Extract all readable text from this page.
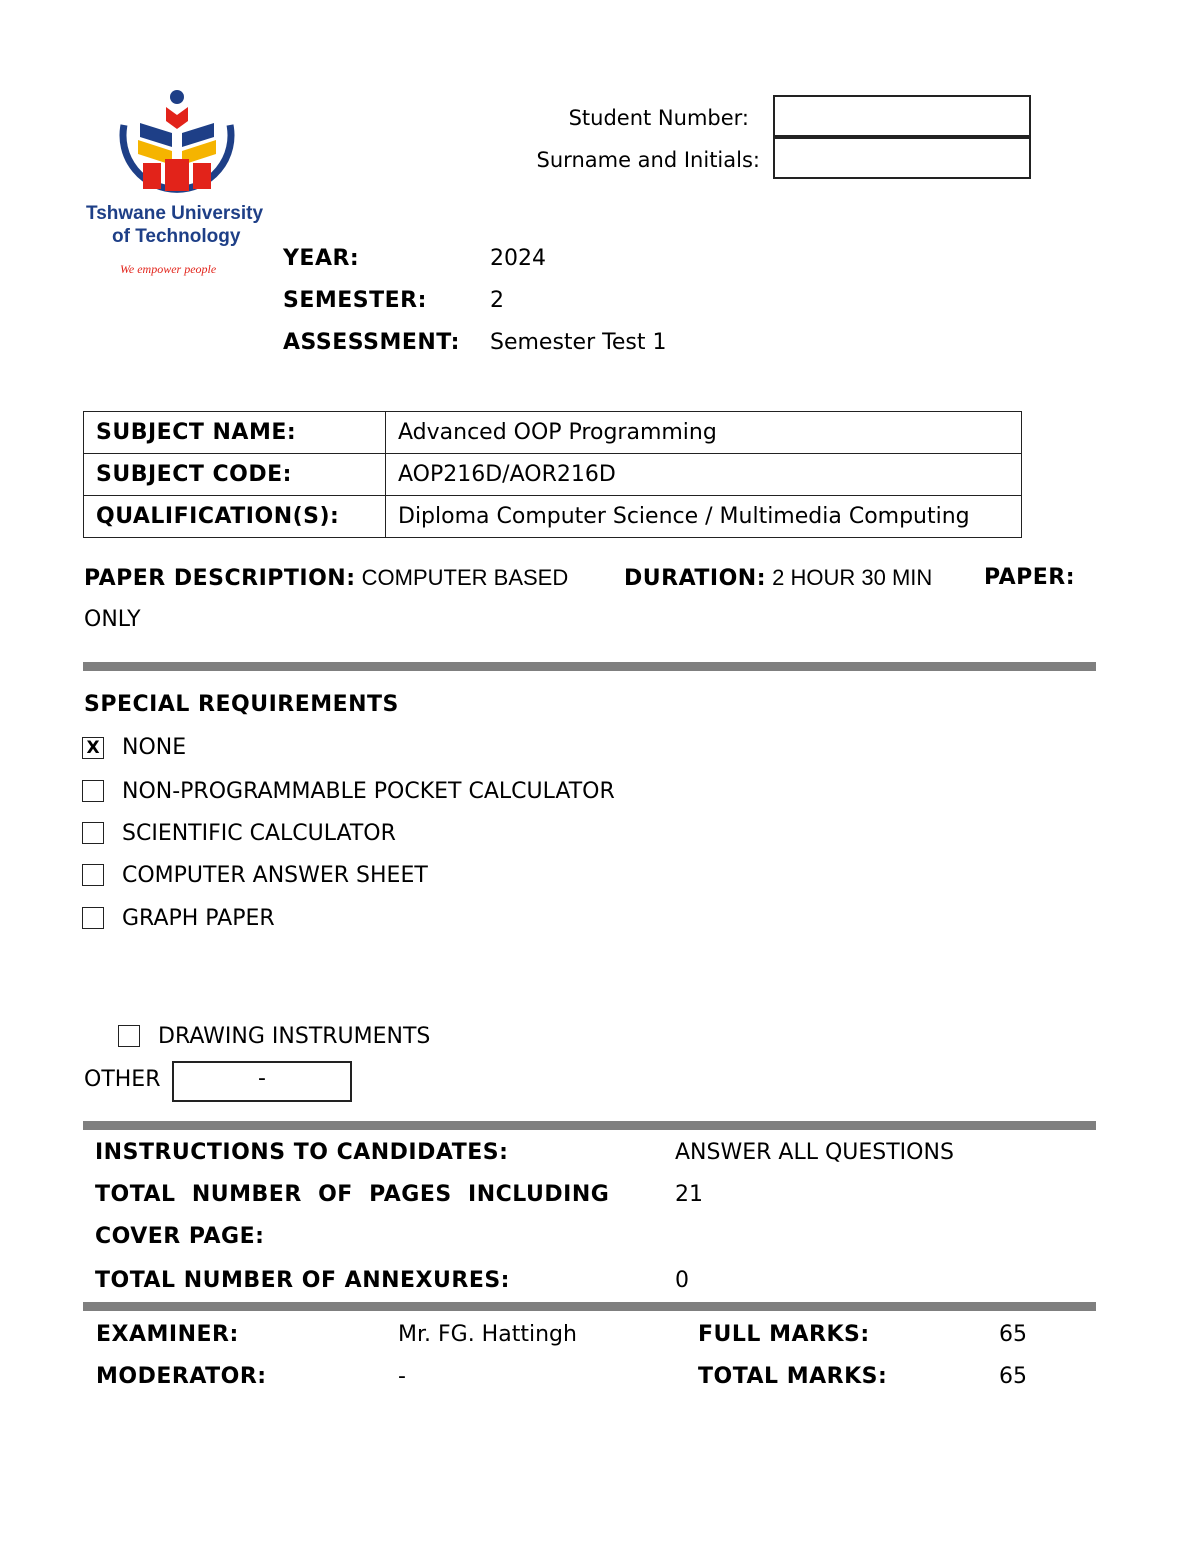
Tshwane University
of Technology
We empower people
Student Number:
Surname and Initials:
YEAR:	2024
SEMESTER:	2
ASSESSMENT: Semester Test 1
SUBJECT NAME:	Advanced OOP Programming
SUBJECT CODE:	AOP216D/AOR216D
QUALIFICATION(S):	Diploma Computer Science / Multimedia Computing
PAPER DESCRIPTION: COMPUTER BASED	DURATION: 2 HOUR 30 MIN PAPER:
ONLY
SPECIAL REQUIREMENTS
X NONE
NON-PROGRAMMABLE POCKET CALCULATOR
SCIENTIFIC CALCULATOR
COMPUTER ANSWER SHEET
GRAPH PAPER
DRAWING INSTRUMENTS
OTHER	-
INSTRUCTIONS TO CANDIDATES:	ANSWER ALL QUESTIONS
TOTAL  NUMBER  OF  PAGES  INCLUDING	21
COVER PAGE:
TOTAL NUMBER OF ANNEXURES:	0
EXAMINER:	Mr. FG. Hattingh	FULL MARKS:	65
MODERATOR:	-	TOTAL MARKS:	65
